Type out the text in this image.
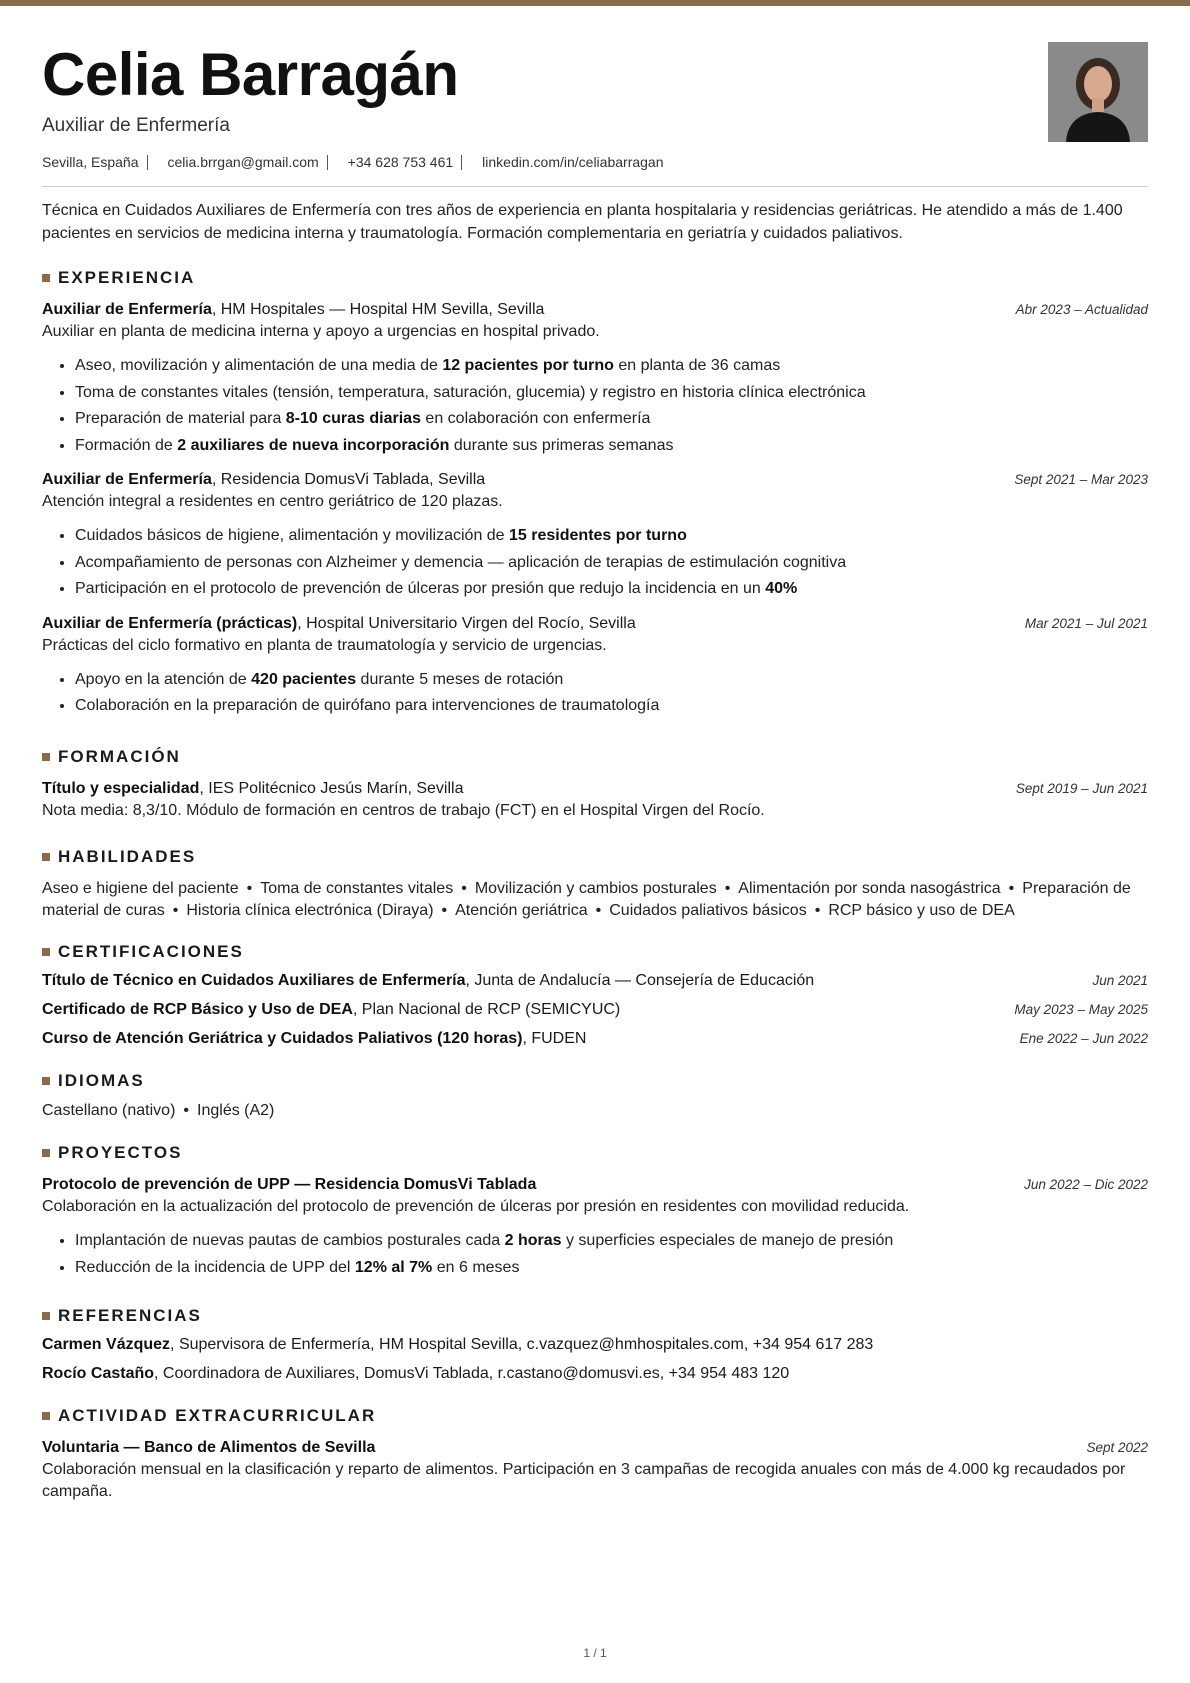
Celia Barragán
Auxiliar de Enfermería
Sevilla, España celia.brrgan@gmail.com +34 628 753 461 linkedin.com/in/celiabarragan
Técnica en Cuidados Auxiliares de Enfermería con tres años de experiencia en planta hospitalaria y residencias geriátricas. He atendido a más de 1.400 pacientes en servicios de medicina interna y traumatología. Formación complementaria en geriatría y cuidados paliativos.
EXPERIENCIA
Auxiliar de Enfermería, HM Hospitales — Hospital HM Sevilla, Sevilla	Abr 2023 – Actualidad
Auxiliar en planta de medicina interna y apoyo a urgencias en hospital privado.
• Aseo, movilización y alimentación de una media de 12 pacientes por turno en planta de 36 camas
• Toma de constantes vitales (tensión, temperatura, saturación, glucemia) y registro en historia clínica electrónica
• Preparación de material para 8-10 curas diarias en colaboración con enfermería
• Formación de 2 auxiliares de nueva incorporación durante sus primeras semanas
Auxiliar de Enfermería, Residencia DomusVi Tablada, Sevilla	Sept 2021 – Mar 2023
Atención integral a residentes en centro geriátrico de 120 plazas.
• Cuidados básicos de higiene, alimentación y movilización de 15 residentes por turno
• Acompañamiento de personas con Alzheimer y demencia — aplicación de terapias de estimulación cognitiva
• Participación en el protocolo de prevención de úlceras por presión que redujo la incidencia en un 40%
Auxiliar de Enfermería (prácticas), Hospital Universitario Virgen del Rocío, Sevilla	Mar 2021 – Jul 2021
Prácticas del ciclo formativo en planta de traumatología y servicio de urgencias.
• Apoyo en la atención de 420 pacientes durante 5 meses de rotación
• Colaboración en la preparación de quirófano para intervenciones de traumatología
FORMACIÓN
Título y especialidad, IES Politécnico Jesús Marín, Sevilla	Sept 2019 – Jun 2021
Nota media: 8,3/10. Módulo de formación en centros de trabajo (FCT) en el Hospital Virgen del Rocío.
HABILIDADES
Aseo e higiene del paciente • Toma de constantes vitales • Movilización y cambios posturales • Alimentación por sonda nasogástrica • Preparación de material de curas • Historia clínica electrónica (Diraya) • Atención geriátrica • Cuidados paliativos básicos • RCP básico y uso de DEA
CERTIFICACIONES
Título de Técnico en Cuidados Auxiliares de Enfermería, Junta de Andalucía — Consejería de Educación	Jun 2021
Certificado de RCP Básico y Uso de DEA, Plan Nacional de RCP (SEMICYUC)	May 2023 – May 2025
Curso de Atención Geriátrica y Cuidados Paliativos (120 horas), FUDEN	Ene 2022 – Jun 2022
IDIOMAS
Castellano (nativo) • Inglés (A2)
PROYECTOS
Protocolo de prevención de UPP — Residencia DomusVi Tablada	Jun 2022 – Dic 2022
Colaboración en la actualización del protocolo de prevención de úlceras por presión en residentes con movilidad reducida.
• Implantación de nuevas pautas de cambios posturales cada 2 horas y superficies especiales de manejo de presión
• Reducción de la incidencia de UPP del 12% al 7% en 6 meses
REFERENCIAS
Carmen Vázquez, Supervisora de Enfermería, HM Hospital Sevilla, c.vazquez@hmhospitales.com, +34 954 617 283
Rocío Castaño, Coordinadora de Auxiliares, DomusVi Tablada, r.castano@domusvi.es, +34 954 483 120
ACTIVIDAD EXTRACURRICULAR
Voluntaria — Banco de Alimentos de Sevilla	Sept 2022
Colaboración mensual en la clasificación y reparto de alimentos. Participación en 3 campañas de recogida anuales con más de 4.000 kg recaudados por campaña.
1 / 1
